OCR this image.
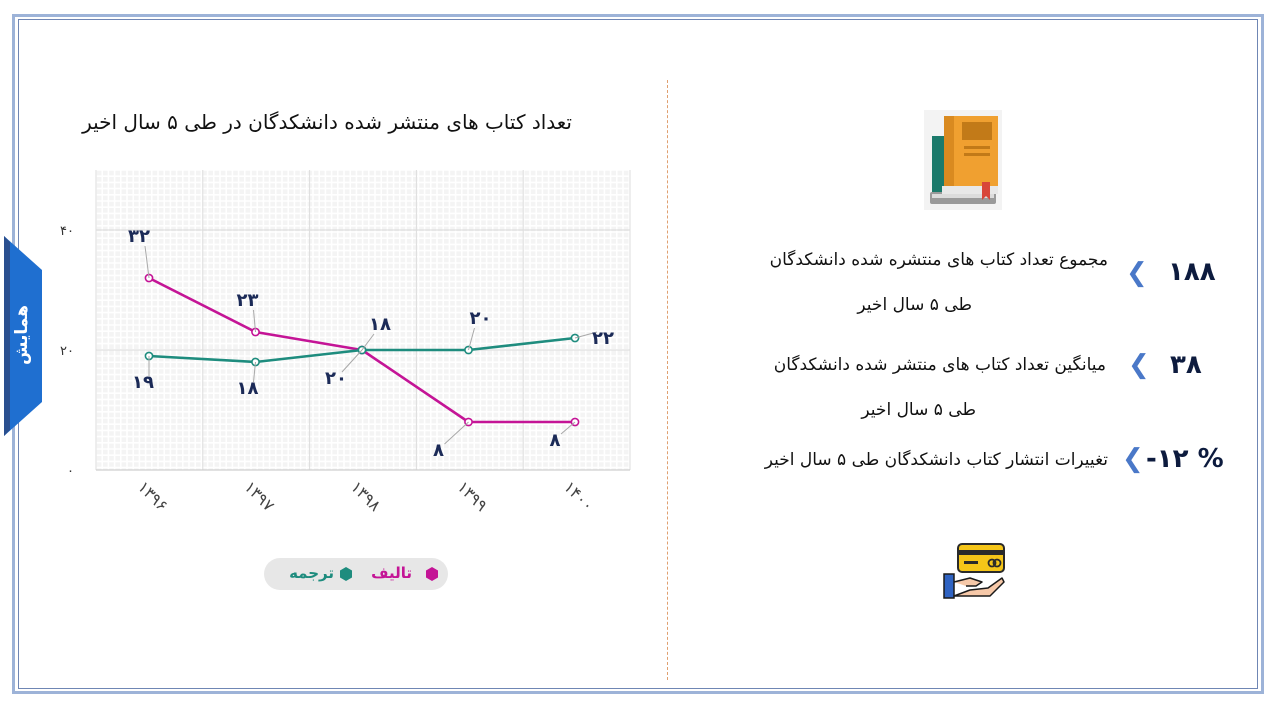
همایش
تعداد کتاب های منتشر شده دانشکدگان در طی ۵ سال اخیر
۰
۲۰
۴۰
۱۳۹۶	۱۳۹۷	۱۳۹۸	۱۳۹۹	۱۴۰۰
۳۲
۲۳
۲۰
۸	۸
۱۹	۱۸
۱۸	۲۰
۲۲
تالیف
ترجمه
۱۸۸
❮
مجموع تعداد کتاب های منتشره شده دانشکدگان
طی ۵ سال اخیر
۳۸
❮
میانگین تعداد کتاب های منتشر شده دانشکدگان
طی ۵ سال اخیر
-۱۲ %
❮
تغییرات انتشار کتاب دانشکدگان طی ۵ سال اخیر
